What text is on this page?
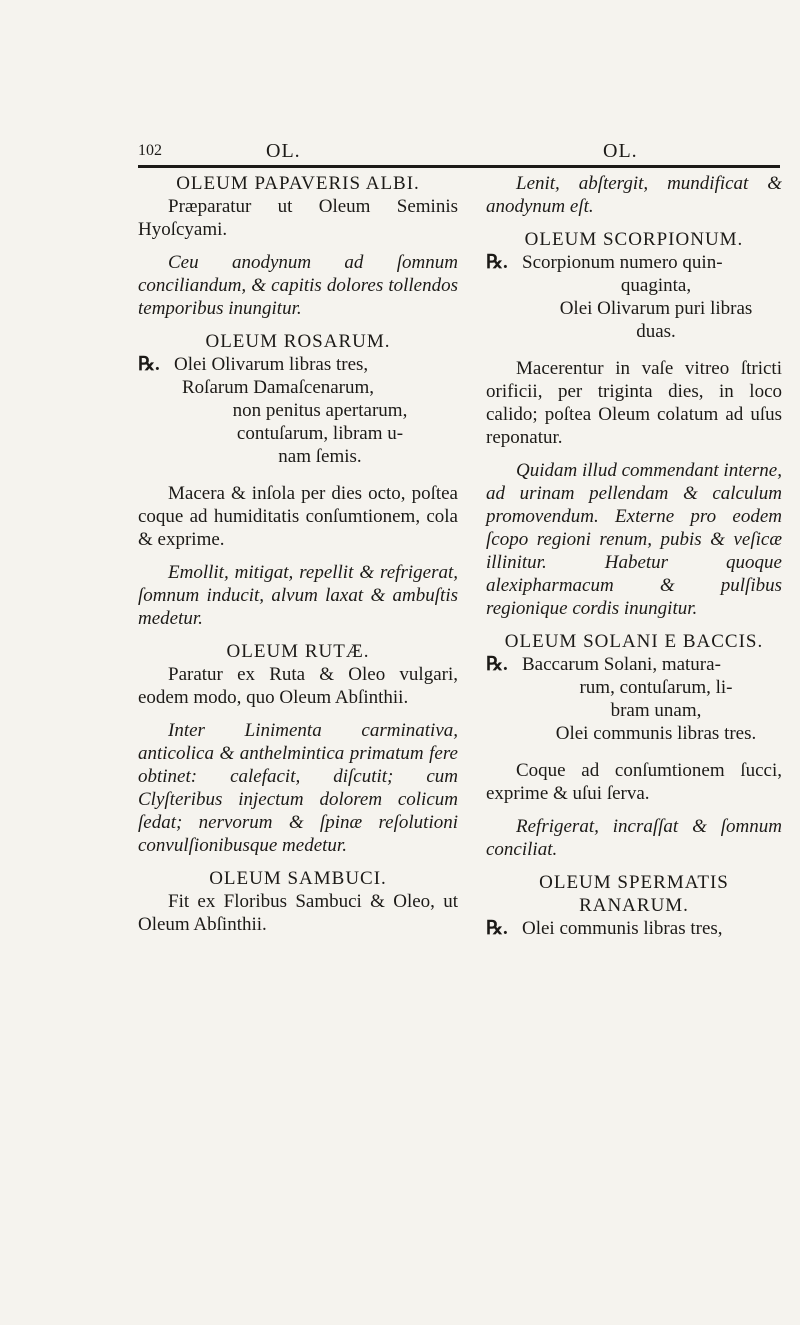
102	OL.	OL.

OLEUM PAPAVERIS ALBI.

Præparatur ut Oleum Seminis Hyoſcyami.

Ceu anodynum ad ſomnum conciliandum, & capitis dolores tollendos temporibus inungitur.

OLEUM ROSARUM.

℞. Olei Olivarum libras tres,
Roſarum Damaſcenarum,
non penitus apertarum,
contuſarum, libram u-
nam ſemis.

Macera & inſola per dies octo, poſtea coque ad humiditatis conſumtionem, cola & exprime.

Emollit, mitigat, repellit & refrigerat, ſomnum inducit, alvum laxat & ambuſtis medetur.

OLEUM RUTÆ.

Paratur ex Ruta & Oleo vulgari, eodem modo, quo Oleum Abſinthii.

Inter Linimenta carminativa, anticolica & anthelmintica primatum fere obtinet: calefacit, diſcutit; cum Clyſteribus injectum dolorem colicum ſedat; nervorum & ſpinæ reſolutioni convulſionibusque medetur.

OLEUM SAMBUCI.

Fit ex Floribus Sambuci & Oleo, ut Oleum Abſinthii.

Lenit, abſtergit, mundificat & anodynum eſt.

OLEUM SCORPIONUM.

℞. Scorpionum numero quin-
quaginta,
Olei Olivarum puri libras
duas.

Macerentur in vaſe vitreo ſtricti orificii, per triginta dies, in loco calido; poſtea Oleum colatum ad uſus reponatur.

Quidam illud commendant interne, ad urinam pellendam & calculum promovendum. Externe pro eodem ſcopo regioni renum, pubis & veſicæ illinitur. Habetur quoque alexipharmacum & pulſibus regionique cordis inungitur.

OLEUM SOLANI E BACCIS.

℞. Baccarum Solani, matura-
rum, contuſarum, li-
bram unam,
Olei communis libras tres.

Coque ad conſumtionem ſucci, exprime & uſui ſerva.

Refrigerat, incraſſat & ſomnum conciliat.

OLEUM SPERMATIS RANARUM.

℞. Olei communis libras tres,
